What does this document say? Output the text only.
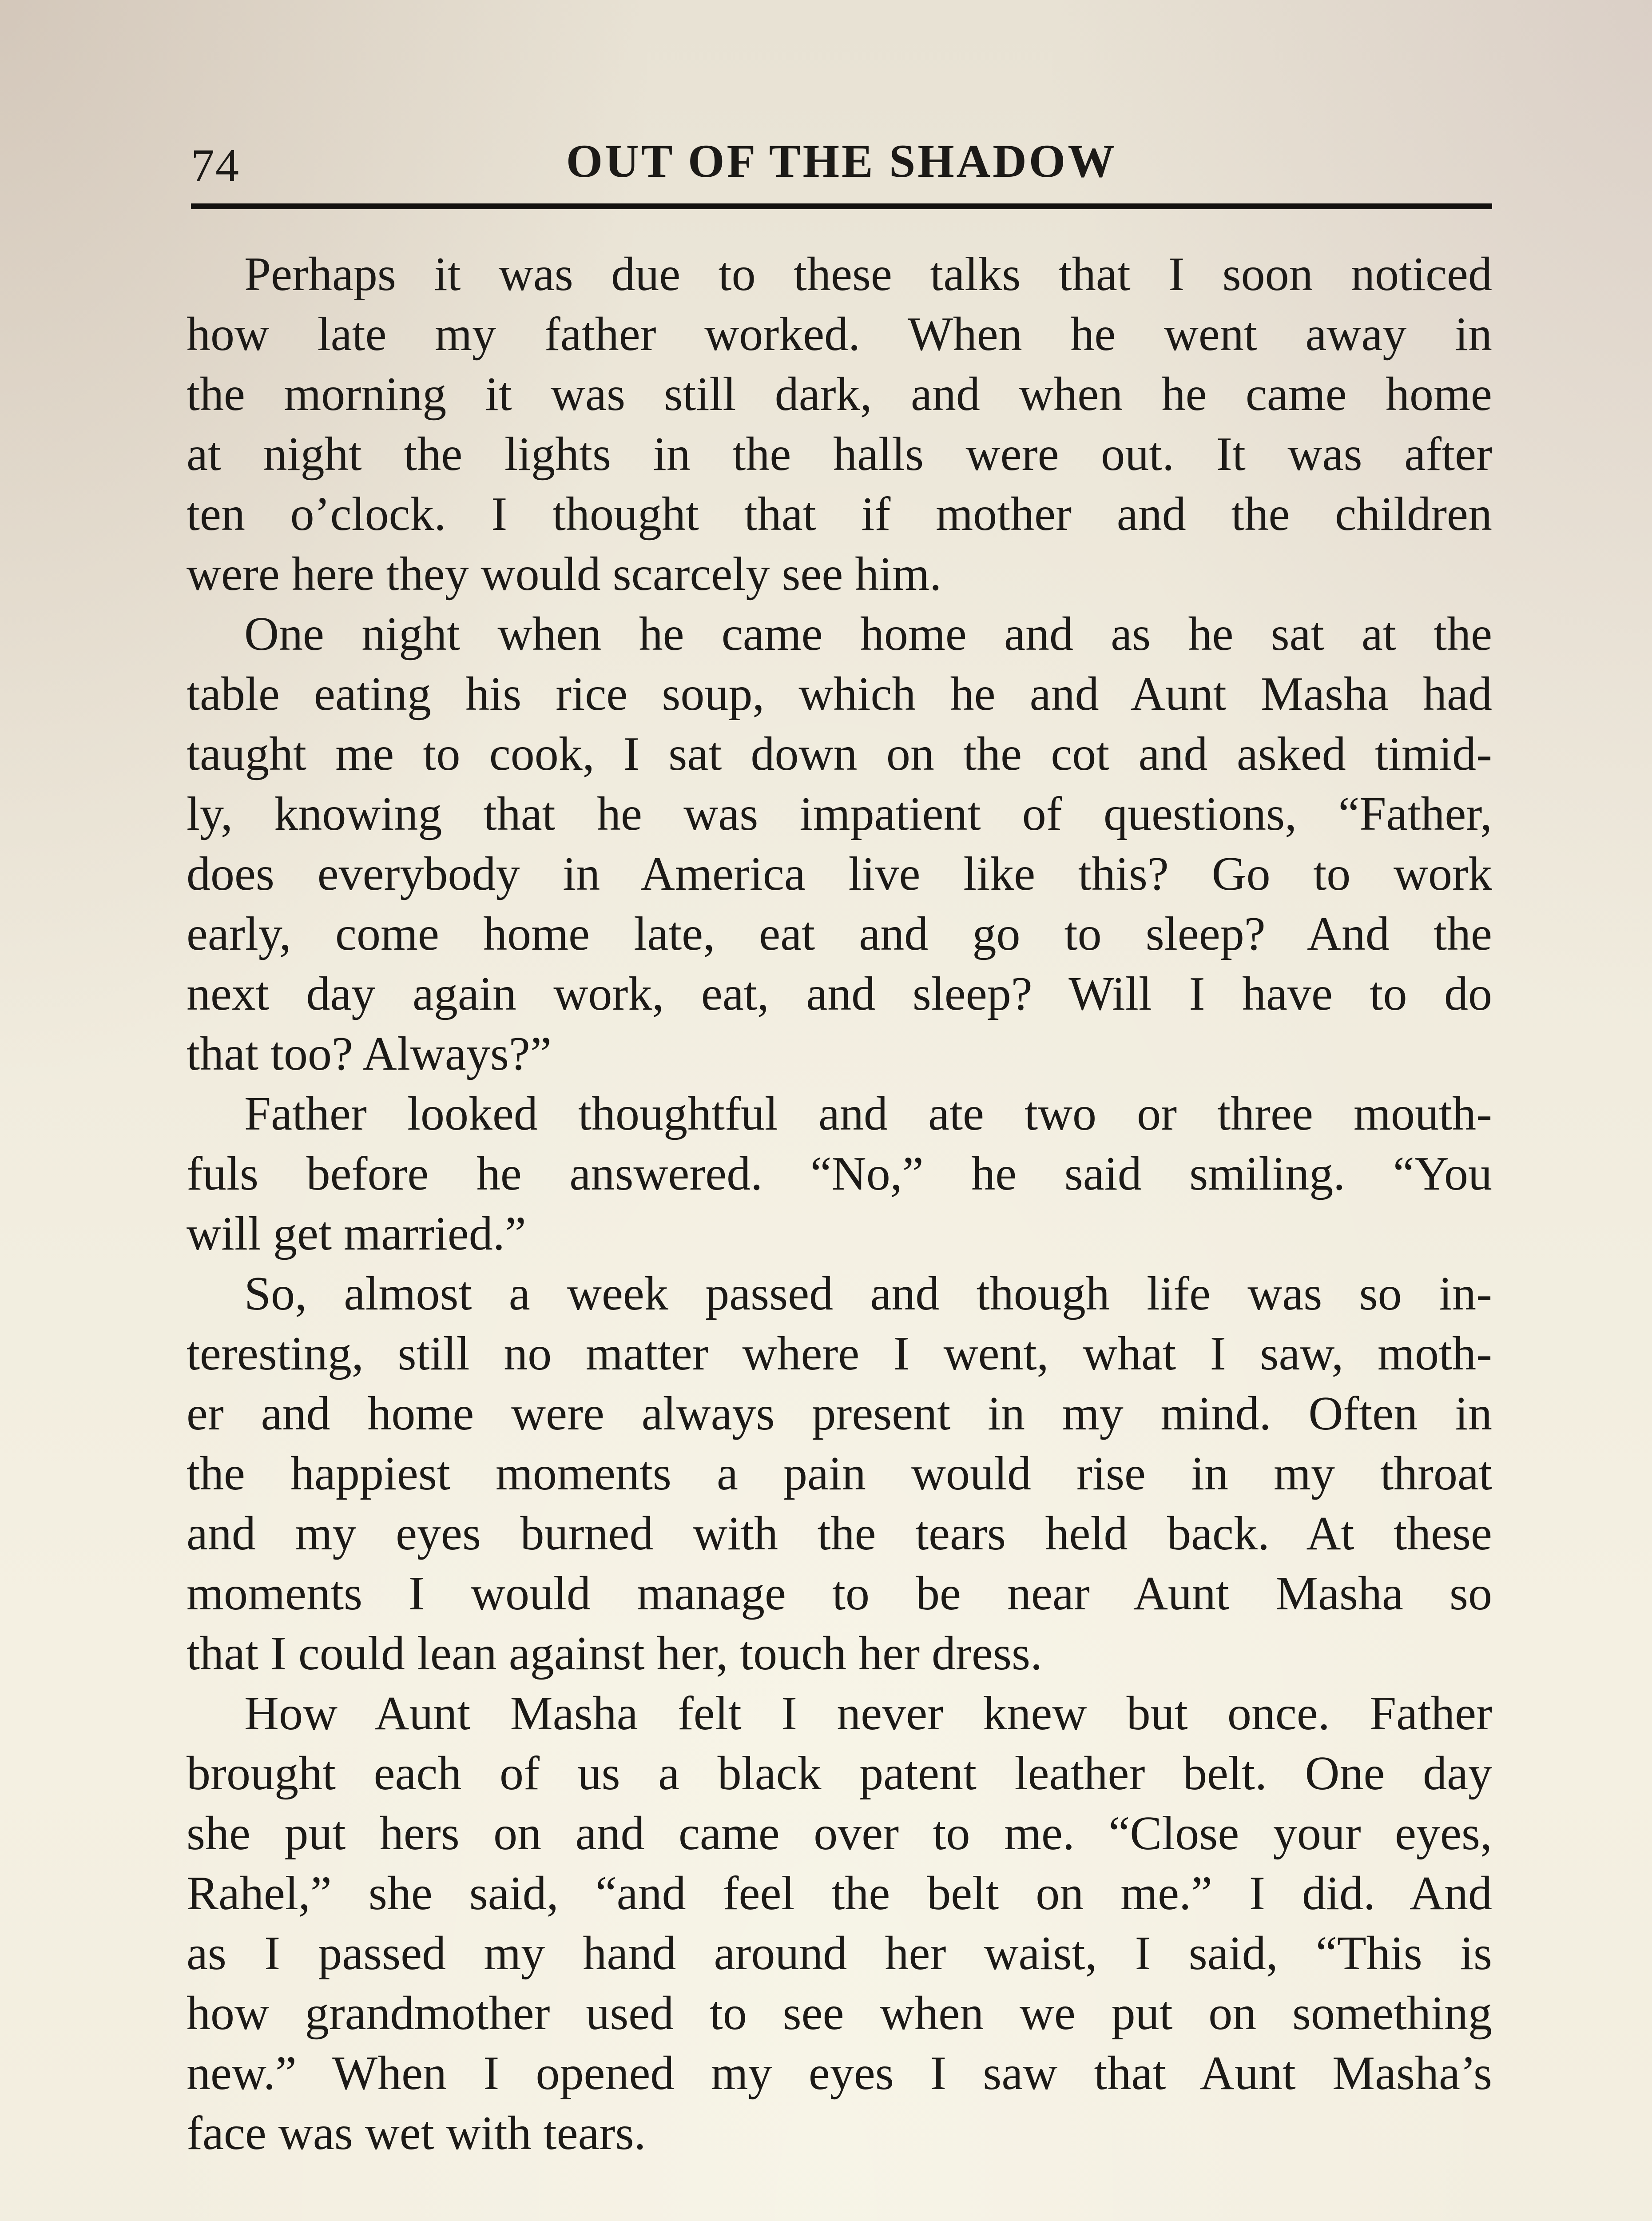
74	OUT OF THE SHADOW
Perhaps it was due to these talks that I soon noticed
how late my father worked. When he went away in
the morning it was still dark, and when he came home
at night the lights in the halls were out. It was after
ten o’clock. I thought that if mother and the children
were here they would scarcely see him.
One night when he came home and as he sat at the
table eating his rice soup, which he and Aunt Masha had
taught me to cook, I sat down on the cot and asked timid-
ly, knowing that he was impatient of questions, “Father,
does everybody in America live like this? Go to work
early, come home late, eat and go to sleep? And the
next day again work, eat, and sleep? Will I have to do
that too? Always?”
Father looked thoughtful and ate two or three mouth-
fuls before he answered. “No,” he said smiling. “You
will get married.”
So, almost a week passed and though life was so in-
teresting, still no matter where I went, what I saw, moth-
er and home were always present in my mind. Often in
the happiest moments a pain would rise in my throat
and my eyes burned with the tears held back. At these
moments I would manage to be near Aunt Masha so
that I could lean against her, touch her dress.
How Aunt Masha felt I never knew but once. Father
brought each of us a black patent leather belt. One day
she put hers on and came over to me. “Close your eyes,
Rahel,” she said, “and feel the belt on me.” I did. And
as I passed my hand around her waist, I said, “This is
how grandmother used to see when we put on something
new.” When I opened my eyes I saw that Aunt Masha’s
face was wet with tears.
